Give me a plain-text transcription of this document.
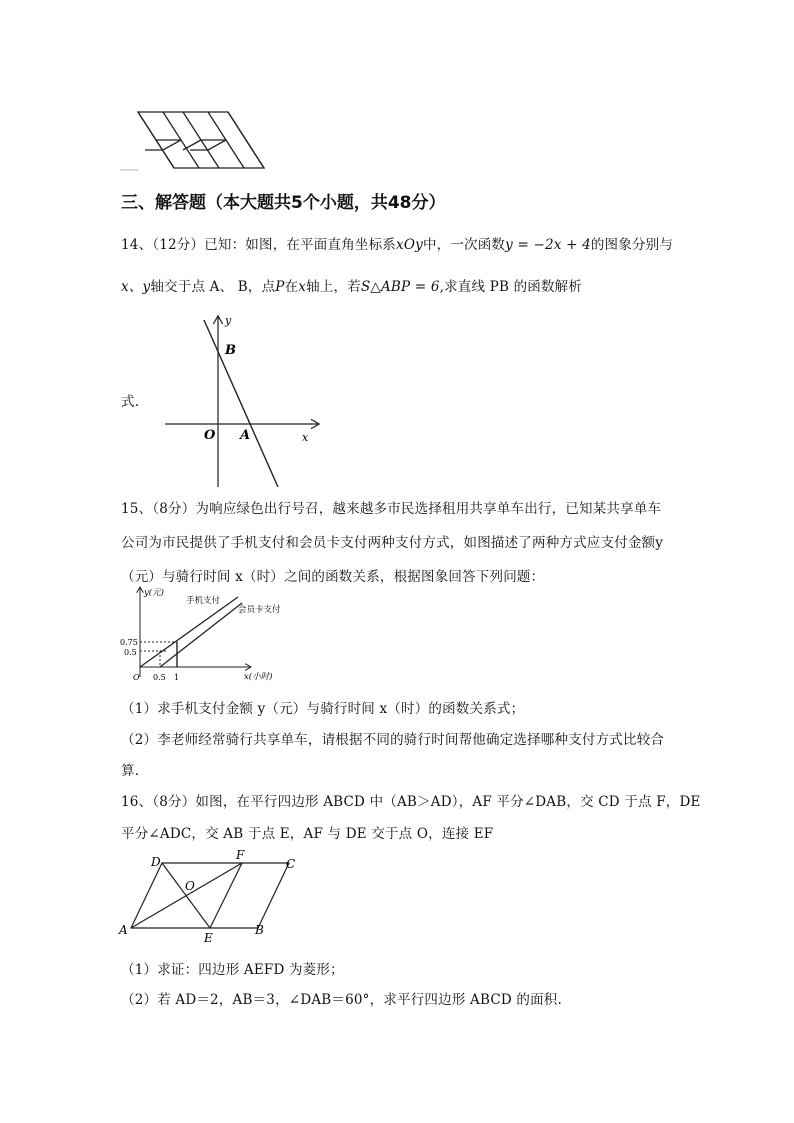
三、解答题（本大题共5个小题，共48分）
14、（12分）已知：如图，在平面直角坐标系xOy中，一次函数y = −2x + 4的图象分别与
x、y轴交于点 A、 B，点P在x轴上，若S△ABP = 6,求直线 PB 的函数解析
y
x
B
O A
式.
15、（8分）为响应绿色出行号召，越来越多市民选择租用共享单车出行，已知某共享单车
公司为市民提供了手机支付和会员卡支付两种支付方式，如图描述了两种方式应支付金额y
（元）与骑行时间 x（时）之间的函数关系，根据图象回答下列问题：
y(元)
手机支付
会员卡支付
0.75
0.5
O 0.5 1	x(小时)
（1）求手机支付金额 y（元）与骑行时间 x（时）的函数关系式；
（2）李老师经常骑行共享单车，请根据不同的骑行时间帮他确定选择哪种支付方式比较合
算.
16、（8分）如图，在平行四边形 ABCD 中（AB＞AD），AF 平分∠DAB，交 CD 于点 F，DE
平分∠ADC，交 AB 于点 E，AF 与 DE 交于点 O，连接 EF
D	F
C
O
A
E
B
（1）求证：四边形 AEFD 为菱形；
（2）若 AD＝2，AB＝3，∠DAB＝60°，求平行四边形 ABCD 的面积.
